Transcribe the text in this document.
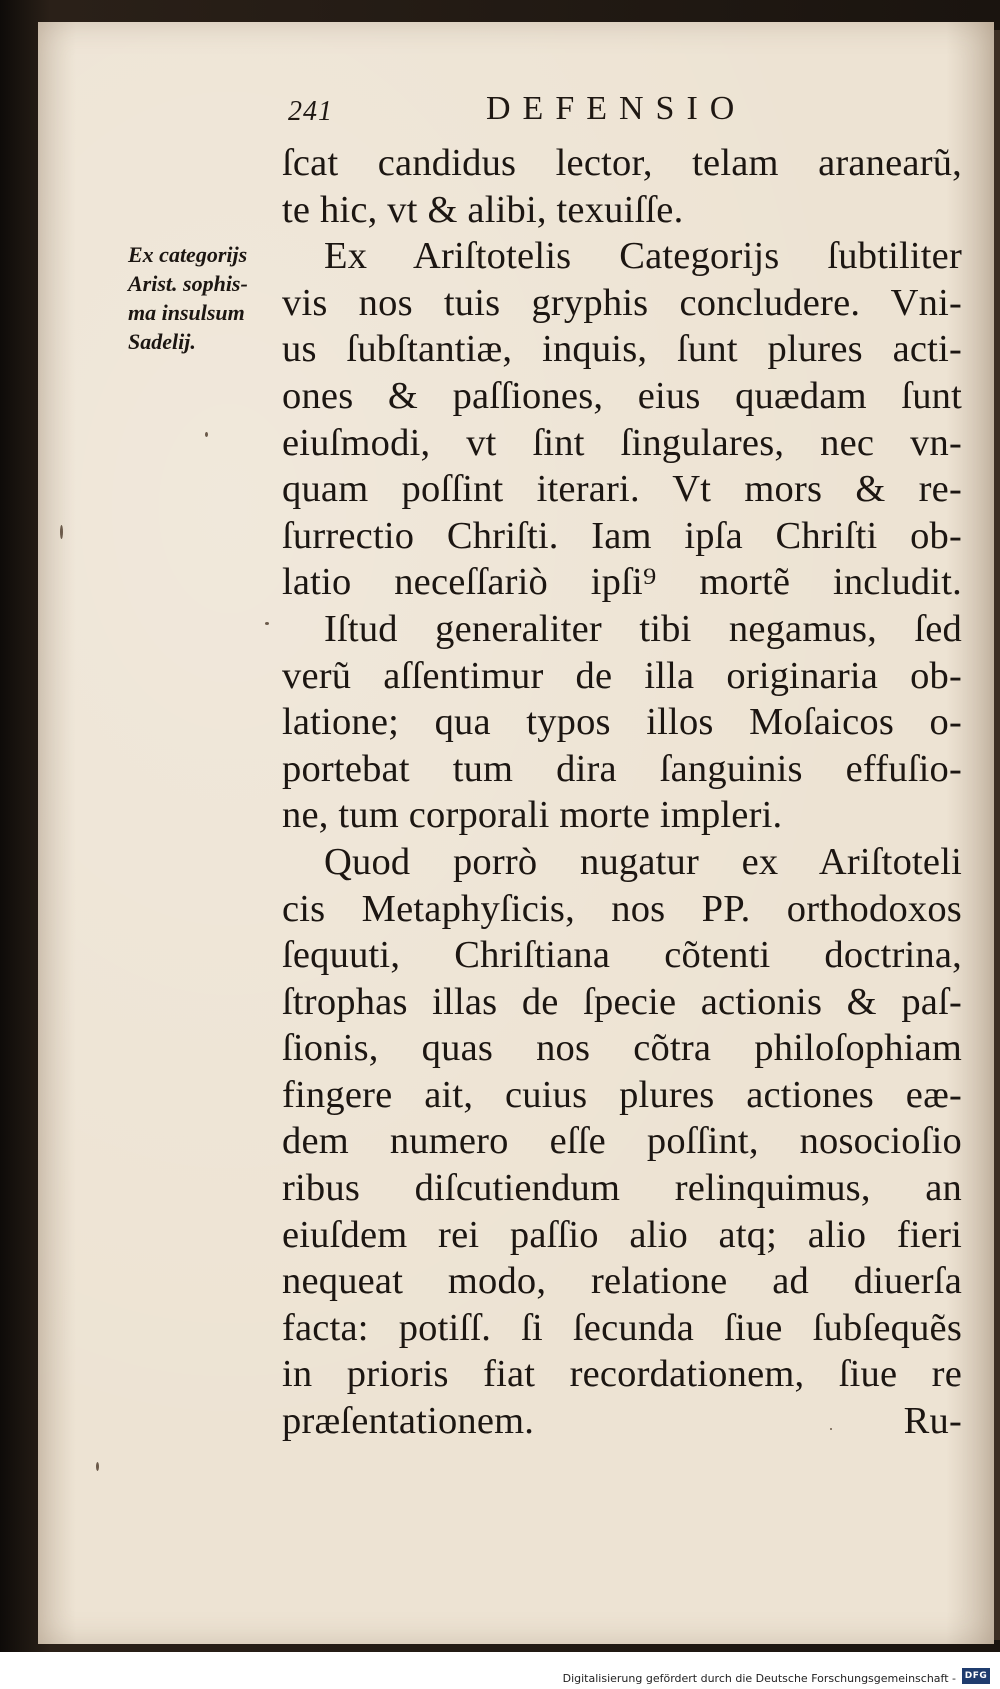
241	DEFENSIO
Ex categorijs
Arist. sophis-
ma insulsum
Sadelij.
ſcat candidus lector, telam aranearũ,
te hic, vt & alibi, texuiſſe.
Ex Ariſtotelis Categorijs ſubtiliter
vis nos tuis gryphis concludere. Vni-
us ſubſtantiæ, inquis, ſunt plures acti-
ones & paſſiones, eius quædam ſunt
eiuſmodi, vt ſint ſingulares, nec vn-
quam poſſint iterari. Vt mors & re-
ſurrectio Chriſti. Iam ipſa Chriſti ob-
latio neceſſariò ipſi⁹ mortẽ includit.
Iſtud generaliter tibi negamus, ſed
verũ aſſentimur de illa originaria ob-
latione; qua typos illos Moſaicos o-
portebat tum dira ſanguinis effuſio-
ne, tum corporali morte impleri.
Quod porrò nugatur ex Ariſtoteli
cis Metaphyſicis, nos PP. orthodoxos
ſequuti, Chriſtiana cõtenti doctrina,
ſtrophas illas de ſpecie actionis & paſ-
ſionis, quas nos cõtra philoſophiam
fingere ait, cuius plures actiones eæ-
dem numero eſſe poſſint, nosocioſio
ribus diſcutiendum relinquimus, an
eiuſdem rei paſſio alio atq; alio fieri
nequeat modo, relatione ad diuerſa
facta: potiſſ. ſi ſecunda ſiue ſubſequẽs
in prioris fiat recordationem, ſiue re
præſentationem.	Ru-
Digitalisierung gefördert durch die Deutsche Forschungsgemeinschaft - DFG
